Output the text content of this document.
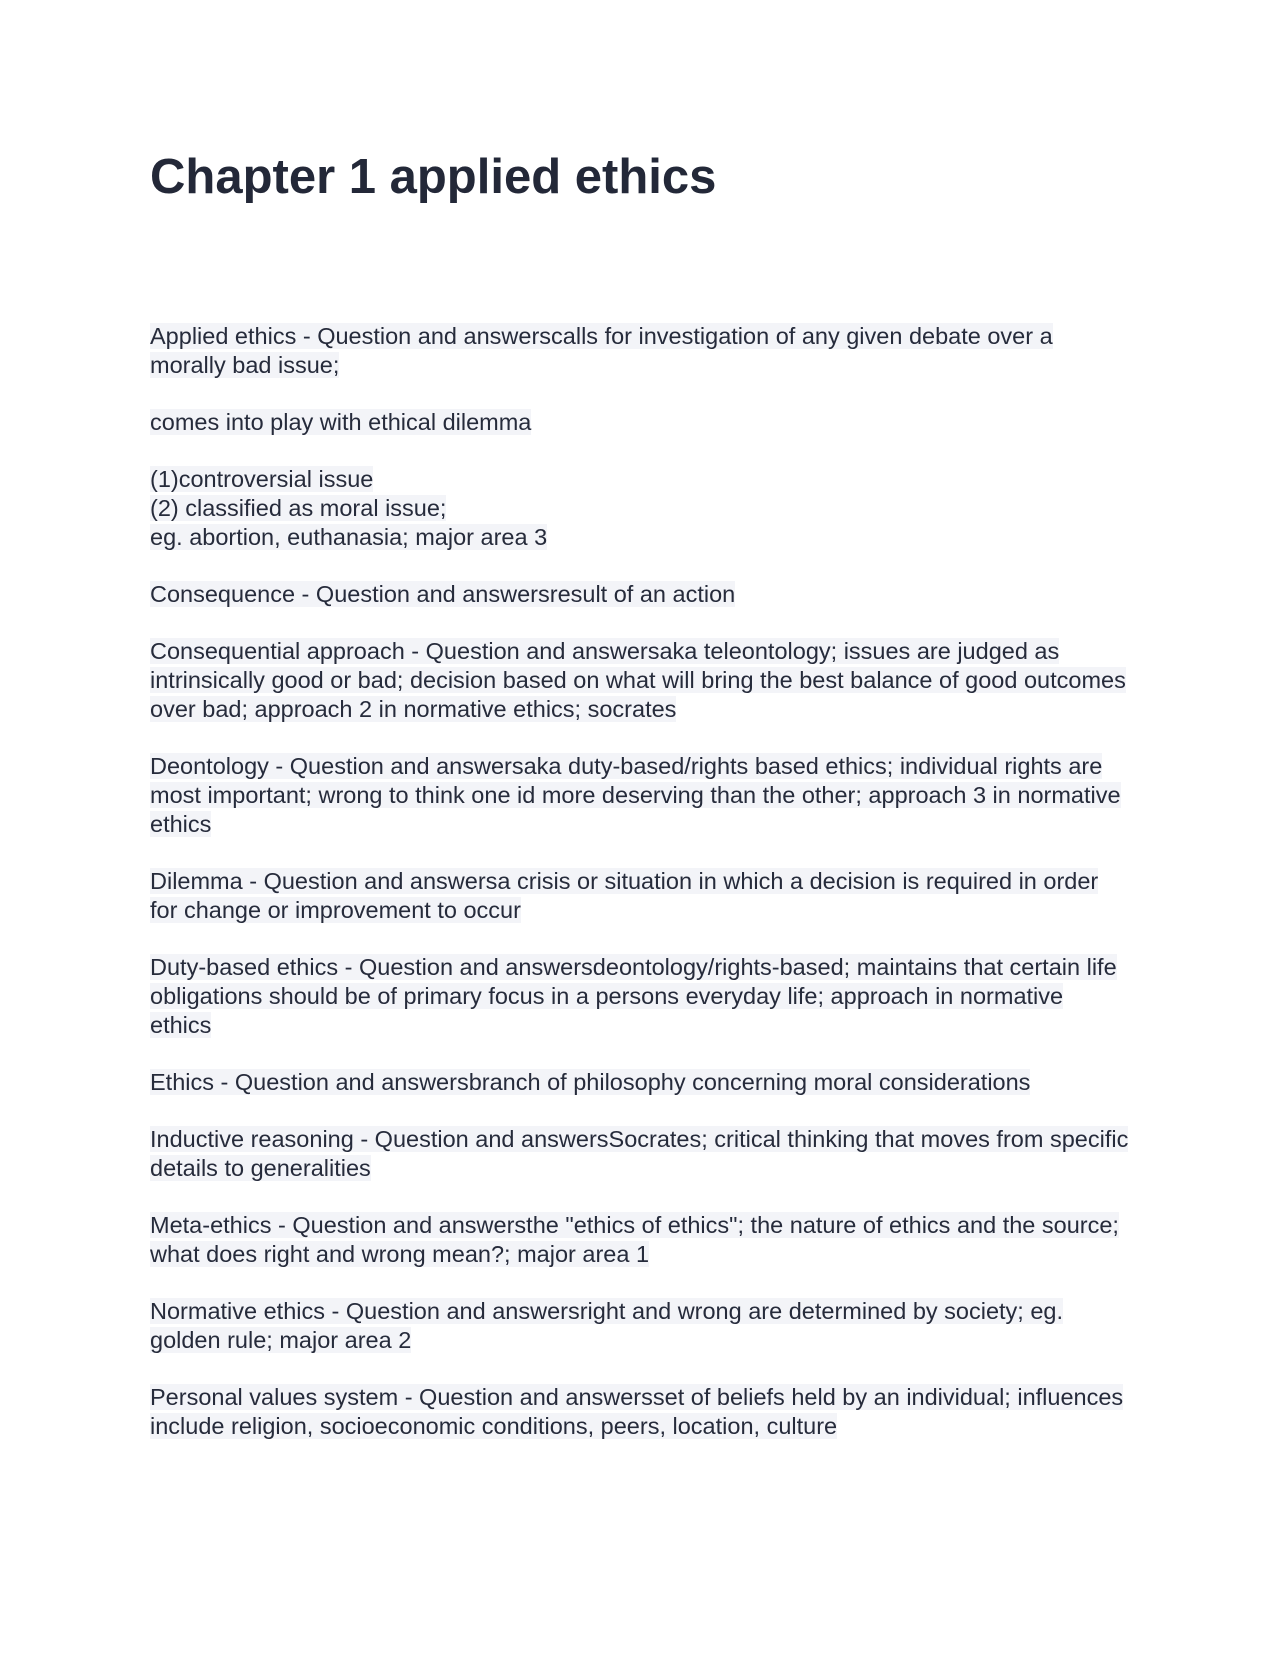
Chapter 1 applied ethics

Applied ethics - Question and answerscalls for investigation of any given debate over a morally bad issue;

comes into play with ethical dilemma

(1)controversial issue
(2) classified as moral issue;
eg. abortion, euthanasia; major area 3

Consequence - Question and answersresult of an action

Consequential approach - Question and answersaka teleontology; issues are judged as intrinsically good or bad; decision based on what will bring the best balance of good outcomes over bad; approach 2 in normative ethics; socrates

Deontology - Question and answersaka duty-based/rights based ethics; individual rights are most important; wrong to think one id more deserving than the other; approach 3 in normative ethics

Dilemma - Question and answersa crisis or situation in which a decision is required in order for change or improvement to occur

Duty-based ethics - Question and answersdeontology/rights-based; maintains that certain life obligations should be of primary focus in a persons everyday life; approach in normative ethics

Ethics - Question and answersbranch of philosophy concerning moral considerations

Inductive reasoning - Question and answersSocrates; critical thinking that moves from specific details to generalities

Meta-ethics - Question and answersthe "ethics of ethics"; the nature of ethics and the source; what does right and wrong mean?; major area 1

Normative ethics - Question and answersright and wrong are determined by society; eg. golden rule; major area 2

Personal values system - Question and answersset of beliefs held by an individual; influences include religion, socioeconomic conditions, peers, location, culture
